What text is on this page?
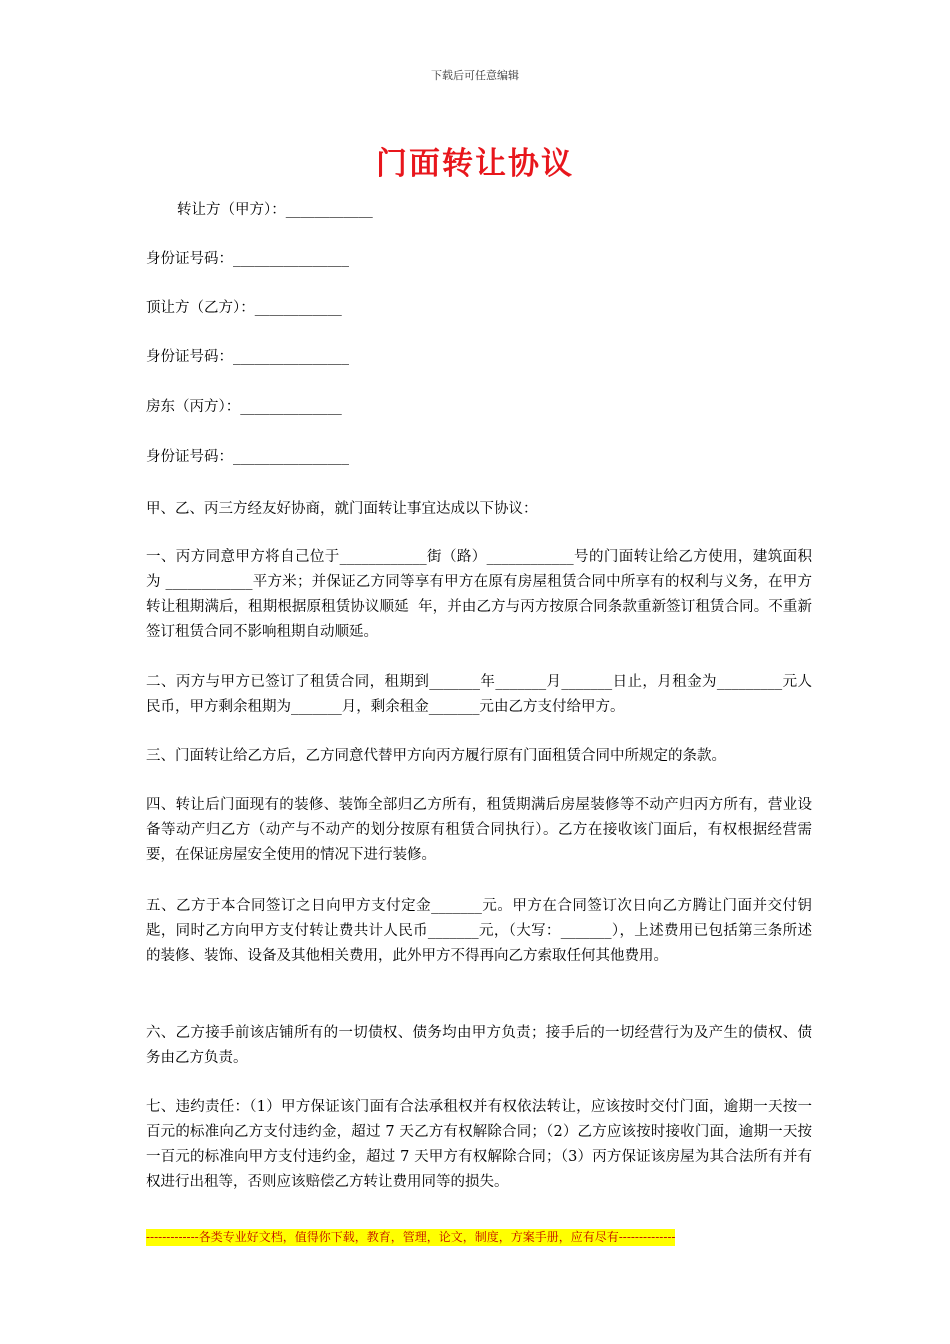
下载后可任意编辑
门面转让协议
转让方（甲方）：____________
身份证号码：________________
顶让方（乙方）：____________
身份证号码：________________
房东（丙方）：______________
身份证号码：________________
甲、乙、丙三方经友好协商，就门面转让事宜达成以下协议：
一、丙方同意甲方将自己位于____________街（路）____________号的门面转让给乙方使用，建筑面积为 ____________平方米；并保证乙方同等享有甲方在原有房屋租赁合同中所享有的权利与义务，在甲方转让租期满后，租期根据原租赁协议顺延  年，并由乙方与丙方按原合同条款重新签订租赁合同。不重新签订租赁合同不影响租期自动顺延。
二、丙方与甲方已签订了租赁合同，租期到_______年_______月_______日止，月租金为_________元人民币，甲方剩余租期为_______月，剩余租金_______元由乙方支付给甲方。
三、门面转让给乙方后，乙方同意代替甲方向丙方履行原有门面租赁合同中所规定的条款。
四、转让后门面现有的装修、装饰全部归乙方所有，租赁期满后房屋装修等不动产归丙方所有，营业设备等动产归乙方（动产与不动产的划分按原有租赁合同执行）。乙方在接收该门面后，有权根据经营需要，在保证房屋安全使用的情况下进行装修。
五、乙方于本合同签订之日向甲方支付定金_______元。甲方在合同签订次日向乙方腾让门面并交付钥匙，同时乙方向甲方支付转让费共计人民币_______元，（大写：_______），上述费用已包括第三条所述的装修、装饰、设备及其他相关费用，此外甲方不得再向乙方索取任何其他费用。
六、乙方接手前该店铺所有的一切债权、债务均由甲方负责；接手后的一切经营行为及产生的债权、债务由乙方负责。
七、违约责任：（1）甲方保证该门面有合法承租权并有权依法转让，应该按时交付门面，逾期一天按一百元的标准向乙方支付违约金，超过 7 天乙方有权解除合同；（2）乙方应该按时接收门面，逾期一天按一百元的标准向甲方支付违约金，超过 7 天甲方有权解除合同；（3）丙方保证该房屋为其合法所有并有权进行出租等，否则应该赔偿乙方转让费用同等的损失。
-------------各类专业好文档，值得你下载，教育，管理，论文，制度，方案手册，应有尽有--------------
